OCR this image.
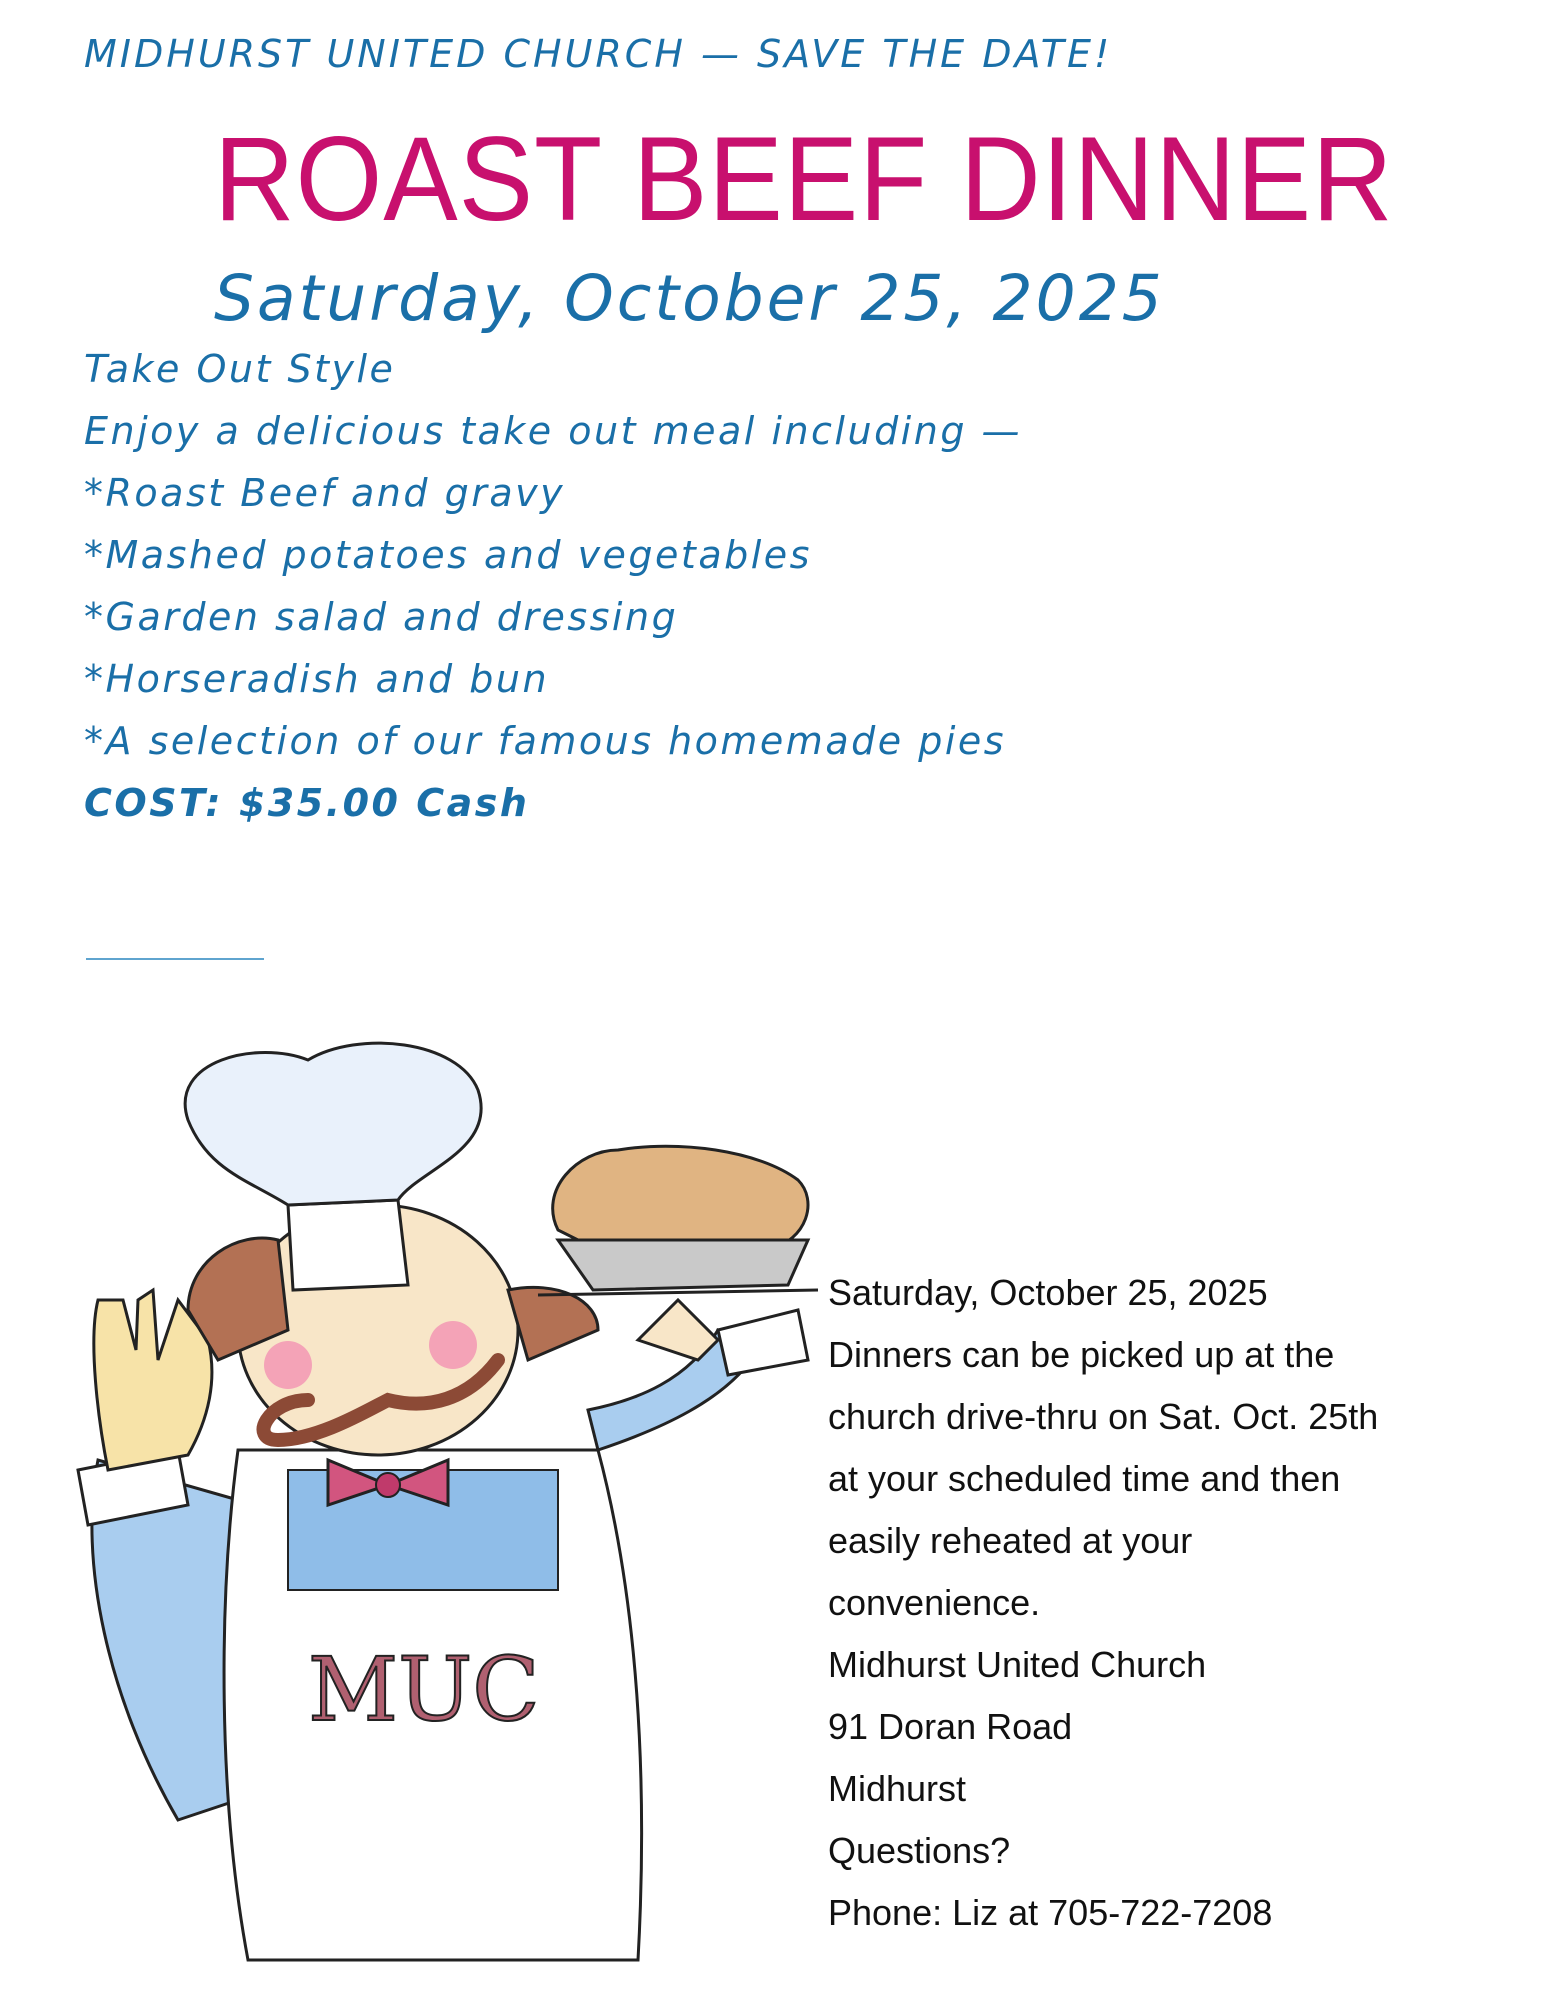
MIDHURST UNITED CHURCH — SAVE THE DATE!
ROAST BEEF DINNER
Saturday, October 25, 2025
Take Out Style
Enjoy a delicious take out meal including —
*Roast Beef and gravy
*Mashed potatoes and vegetables
*Garden salad and dressing
*Horseradish and bun
*A selection of our famous homemade pies
COST: $35.00 Cash
MUC
Saturday, October 25, 2025
Dinners can be picked up at the
church drive-thru on Sat. Oct. 25th
at your scheduled time and then
easily reheated at your
convenience.
Midhurst United Church
91 Doran Road
Midhurst
Questions?
Phone: Liz at 705-722-7208
